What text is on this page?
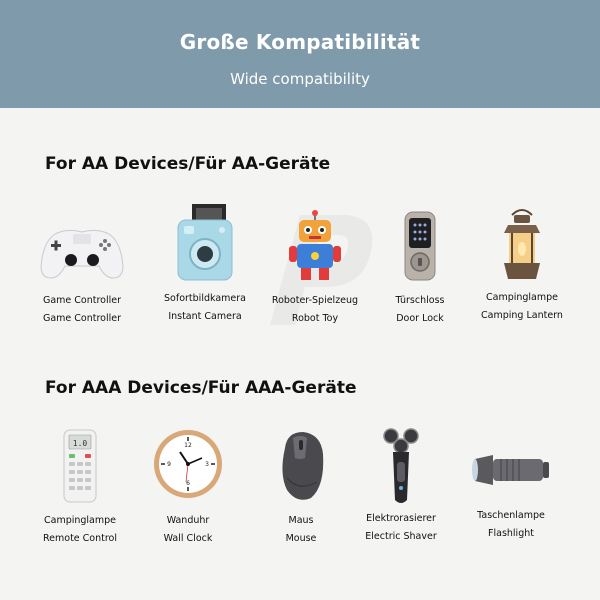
Große Kompatibilität
Wide compatibility
For AA Devices/Für AA-Geräte
For AAA Devices/Für AAA-Geräte
Game Controller
Game Controller
Sofortbildkamera
Instant Camera
Roboter-Spielzeug
Robot Toy
Türschloss
Door Lock
Campinglampe
Camping Lantern
1.0
Campinglampe
Remote Control
12
3
6
9
Wanduhr
Wall Clock
Maus
Mouse
Elektrorasierer
Electric Shaver
Taschenlampe
Flashlight
